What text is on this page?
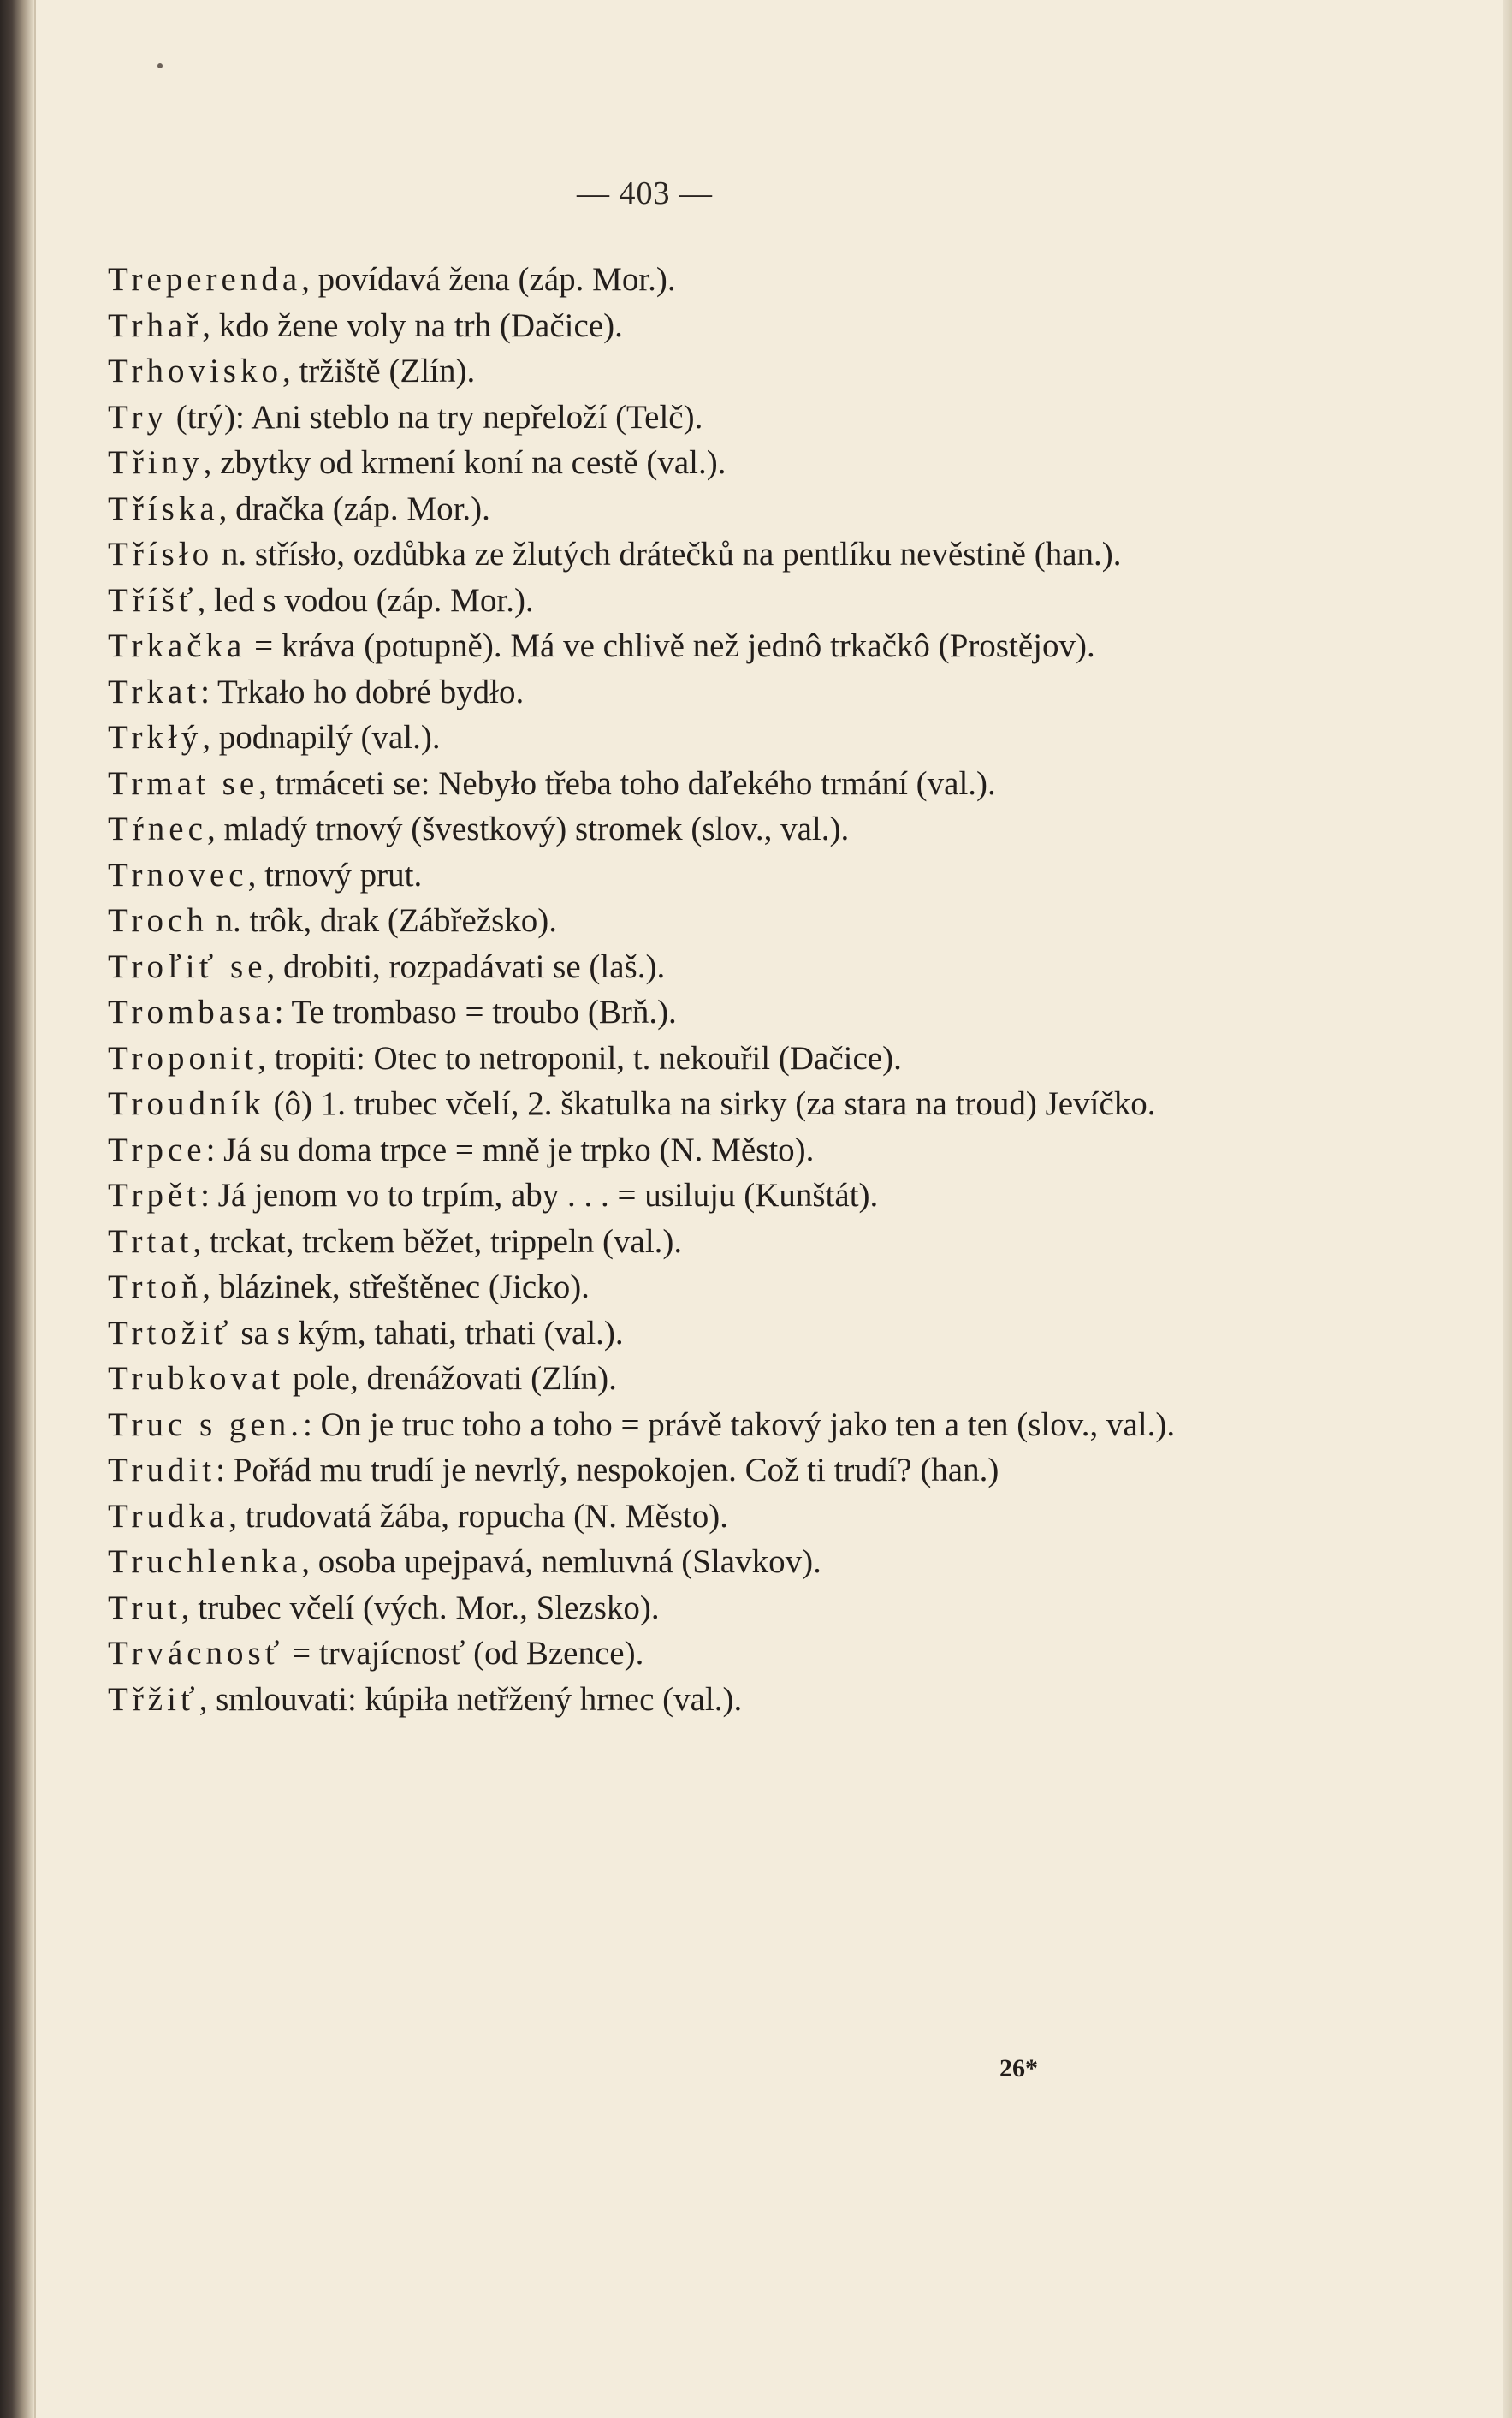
— 403 —
Treperenda, povídavá žena (záp. Mor.).
Trhař, kdo žene voly na trh (Dačice).
Trhovisko, tržiště (Zlín).
Try (trý): Ani steblo na try nepřeloží (Telč).
Třiny, zbytky od krmení koní na cestě (val.).
Tříska, dračka (záp. Mor.).
Třísło n. střísło, ozdůbka ze žlutých drátečků na pentlíku nevěstině (han.).
Tříšť, led s vodou (záp. Mor.).
Trkačka = kráva (potupně). Má ve chlivě než jednô trkačkô (Prostějov).
Trkat: Trkało ho dobré bydło.
Trkłý, podnapilý (val.).
Trmat se, trmáceti se: Nebyło třeba toho daľekého trmání (val.).
Tŕnec, mladý trnový (švestkový) stromek (slov., val.).
Trnovec, trnový prut.
Troch n. trôk, drak (Zábřežsko).
Troľiť se, drobiti, rozpadávati se (laš.).
Trombasa: Te trombaso = troubo (Brň.).
Troponit, tropiti: Otec to netroponil, t. nekouřil (Dačice).
Troudník (ô) 1. trubec včelí, 2. škatulka na sirky (za stara na troud) Jevíčko.
Trpce: Já su doma trpce = mně je trpko (N. Město).
Trpět: Já jenom vo to trpím, aby . . . = usiluju (Kunštát).
Trtat, trckat, trckem běžet, trippeln (val.).
Trtoň, blázinek, střeštěnec (Jicko).
Trtožiť sa s kým, tahati, trhati (val.).
Trubkovat pole, drenážovati (Zlín).
Truc s gen.: On je truc toho a toho = právě takový jako ten a ten (slov., val.).
Trudit: Pořád mu trudí je nevrlý, nespokojen. Což ti trudí? (han.)
Trudka, trudovatá žába, ropucha (N. Město).
Truchlenka, osoba upejpavá, nemluvná (Slavkov).
Trut, trubec včelí (vých. Mor., Slezsko).
Trvácnosť = trvajícnosť (od Bzence).
Třžiť, smlouvati: kúpiła netřžený hrnec (val.).
26*
